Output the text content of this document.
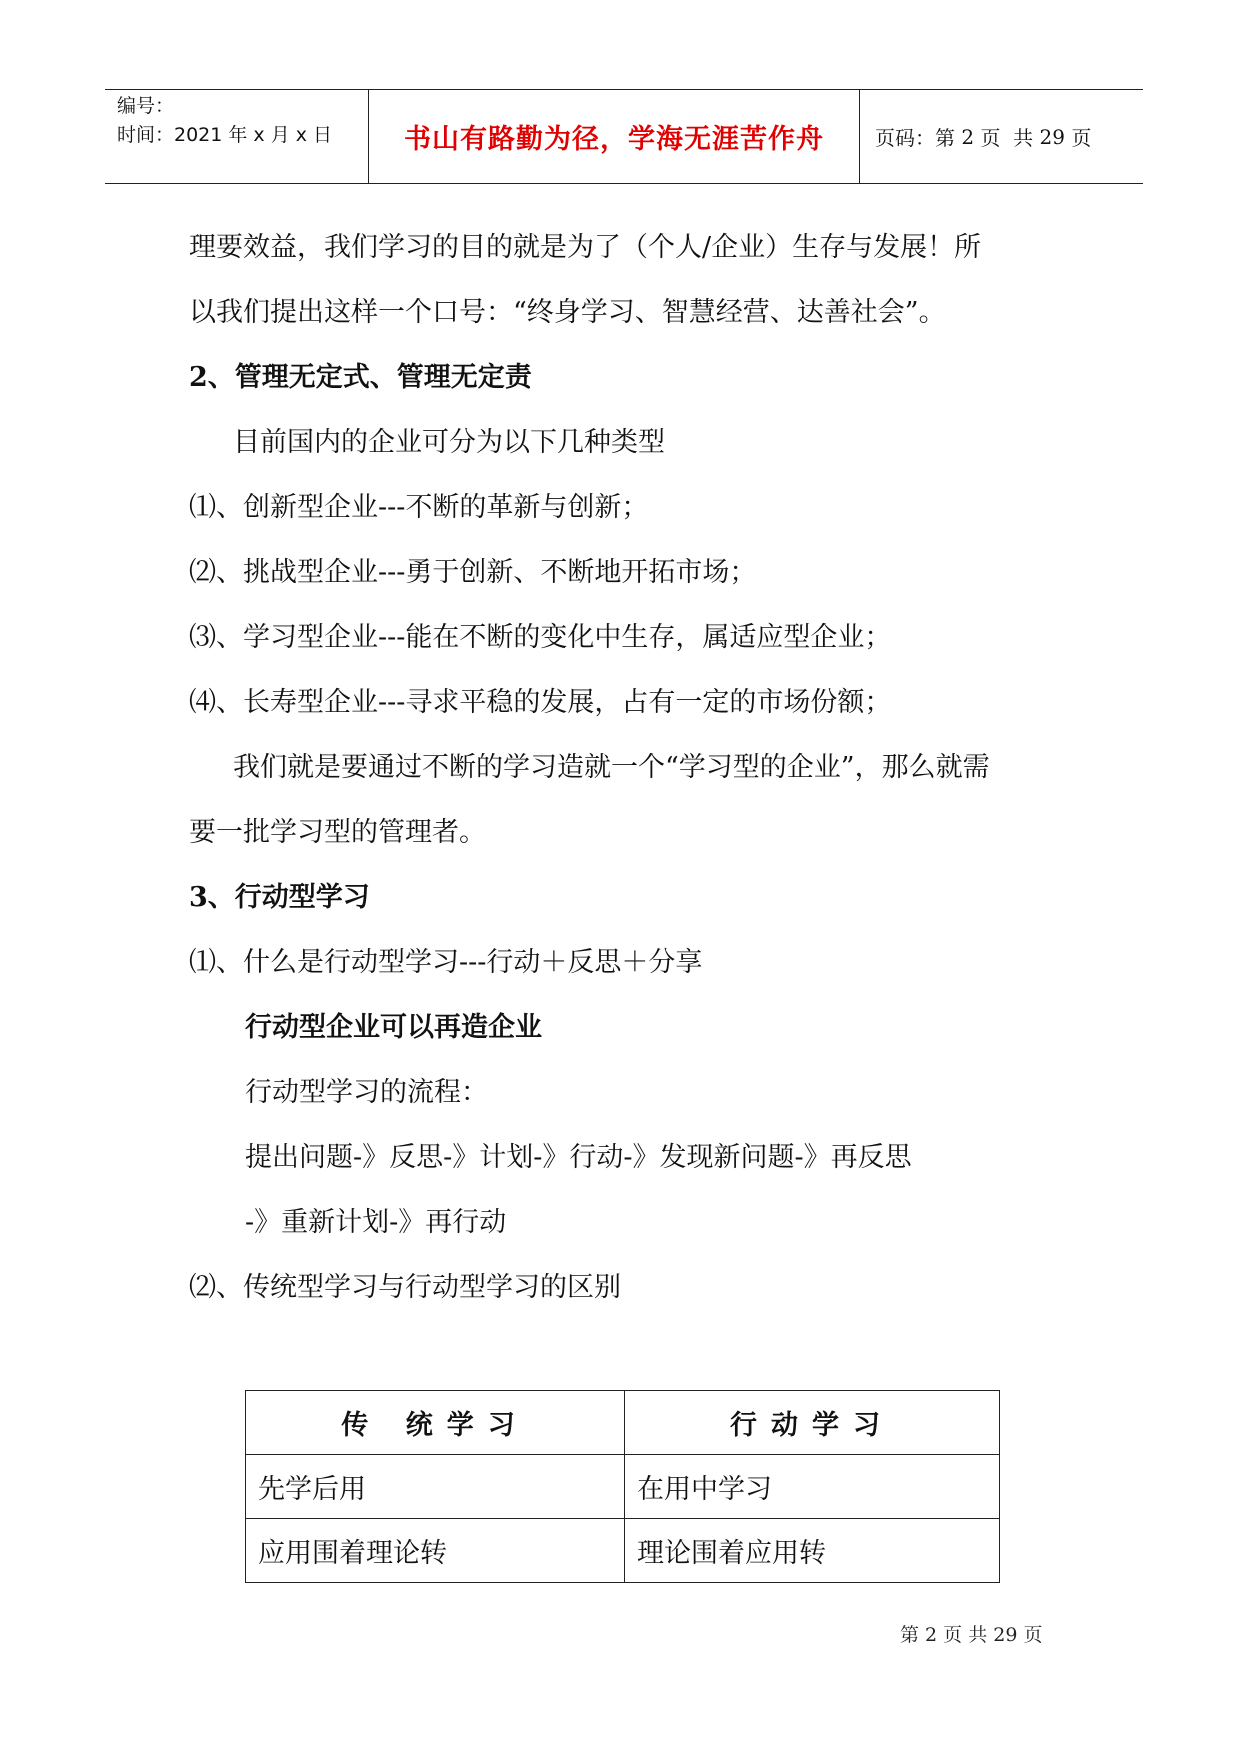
编号：
时间：2021 年 x 月 x 日	书山有路勤为径，学海无涯苦作舟	页码：第 2 页  共 29 页
理要效益，我们学习的目的就是为了（个人/企业）生存与发展！所
以我们提出这样一个口号：“终身学习、智慧经营、达善社会”。
2、管理无定式、管理无定责
目前国内的企业可分为以下几种类型
⑴、创新型企业---不断的革新与创新；
⑵、挑战型企业---勇于创新、不断地开拓市场；
⑶、学习型企业---能在不断的变化中生存，属适应型企业；
⑷、长寿型企业---寻求平稳的发展，占有一定的市场份额；
我们就是要通过不断的学习造就一个“学习型的企业”，那么就需
要一批学习型的管理者。
3、行动型学习
⑴、什么是行动型学习---行动＋反思＋分享
行动型企业可以再造企业
行动型学习的流程：
提出问题-》反思-》计划-》行动-》发现新问题-》再反思
-》重新计划-》再行动
⑵、传统型学习与行动型学习的区别
传 统学习	行动学习
先学后用	在用中学习
应用围着理论转	理论围着应用转
第 2 页 共 29 页
